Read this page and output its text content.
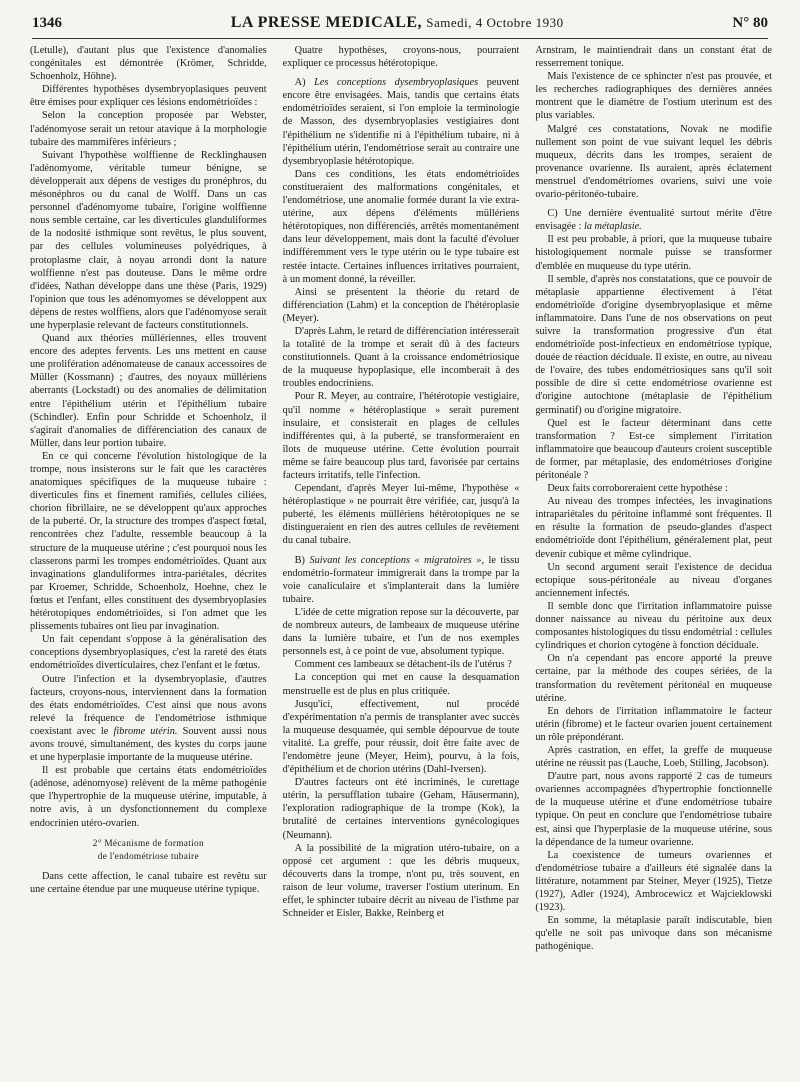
1346	LA PRESSE MEDICALE, Samedi, 4 Octobre 1930	N° 80

(Letulle), d'autant plus que l'existence d'anomalies congénitales est démontrée (Krömer, Schridde, Schoenholz, Höhne).

Différentes hypothèses dysembryoplasiques peuvent être émises pour expliquer ces lésions endométrioïdes :

Selon la conception proposée par Webster, l'adénomyose serait un retour atavique à la morphologie tubaire des mammifères inférieurs ;

Suivant l'hypothèse wolffienne de Recklinghausen l'adénomyome, véritable tumeur bénigne, se développerait aux dépens de vestiges du pronéphros, du mésonéphros ou du canal de Wolff. Dans un cas personnel d'adénomyome tubaire, l'origine wolffienne nous semble certaine, car les diverticules glanduliformes de la nodosité isthmique sont revêtus, le plus souvent, par des cellules volumineuses polyédriques, à protoplasme clair, à noyau arrondi dont la nature wolffienne n'est pas douteuse. Dans le même ordre d'idées, Nathan développe dans une thèse (Paris, 1929) l'opinion que tous les adénomyomes se développent aux dépens de restes wolffiens, alors que l'adénomyose serait une hyperplasie relevant de facteurs constitutionnels.

Quand aux théories müllériennes, elles trouvent encore des adeptes fervents. Les uns mettent en cause une prolifération adénomateuse de canaux accessoires de Müller (Kossmann) ; d'autres, des noyaux müllériens aberrants (Lockstadt) ou des anomalies de délimitation entre l'épithélium utérin et l'épithélium tubaire (Schindler). Enfin pour Schridde et Schoenholz, il s'agirait d'anomalies de différenciation des canaux de Müller, dans leur portion tubaire.

En ce qui concerne l'évolution histologique de la trompe, nous insisterons sur le fait que les caractères anatomiques spécifiques de la muqueuse tubaire : diverticules fins et finement ramifiés, cellules ciliées, chorion fibrillaire, ne se développent qu'aux approches de la puberté. Or, la structure des trompes d'aspect fœtal, rencontrées chez l'adulte, ressemble beaucoup à la structure de la muqueuse utérine ; c'est pourquoi nous les classerons parmi les trompes endométrioïdes. Quant aux invaginations glanduliformes intra-pariétales, décrites par Kroemer, Schridde, Schoenholz, Hoehne, chez le fœtus et l'enfant, elles constituent des dysembryoplasies hétérotopiques endométrioïdes, si l'on admet que les plissements tubaires ont lieu par invagination.

Un fait cependant s'oppose à la généralisation des conceptions dysembryoplasiques, c'est la rareté des états endométrioïdes diverticulaires, chez l'enfant et le fœtus.

Outre l'infection et la dysembryoplasie, d'autres facteurs, croyons-nous, interviennent dans la formation des états endométrioïdes. C'est ainsi que nous avons relevé la fréquence de l'endométriose isthmique coexistant avec le fibrome utérin. Souvent aussi nous avons trouvé, simultanément, des kystes du corps jaune et une hyperplasie importante de la muqueuse utérine.

Il est probable que certains états endométrioïdes (adénose, adénomyose) relèvent de la même pathogénie que l'hypertrophie de la muqueuse utérine, imputable, à notre avis, à un dysfonctionnement du complexe endocrinien utéro-ovarien.

2° Mécanisme de formation
de l'endométriose tubaire

Dans cette affection, le canal tubaire est revêtu sur une certaine étendue par une muqueuse utérine typique.

Quatre hypothèses, croyons-nous, pourraient expliquer ce processus hétérotopique.

A) Les conceptions dysembryoplasiques peuvent encore être envisagées. Mais, tandis que certains états endométrioïdes seraient, si l'on emploie la terminologie de Masson, des dysembryoplasies vestigiaires dont l'épithélium ne s'identifie ni à l'épithélium tubaire, ni à l'épithélium utérin, l'endométriose serait au contraire une dysembryoplasie hétérotopique.

Dans ces conditions, les états endométrioïdes constitueraient des malformations congénitales, et l'endométriose, une anomalie formée durant la vie extra-utérine, aux dépens d'éléments müllériens hétérotopiques, non différenciés, arrêtés momentanément dans leur développement, mais dont la faculté d'évoluer indifféremment vers le type utérin ou le type tubaire est restée intacte. Certaines influences irritatives pourraient, à un moment donné, la réveiller.

Ainsi se présentent la théorie du retard de différenciation (Lahm) et la conception de l'hétéroplasie (Meyer).

D'après Lahm, le retard de différenciation intéresserait la totalité de la trompe et serait dû à des facteurs constitutionnels. Quant à la croissance endométriosique de la muqueuse hypoplasique, elle incomberait à des troubles endocriniens.

Pour R. Meyer, au contraire, l'hétérotopie vestigiaire, qu'il nomme « hétéroplastique » serait purement insulaire, et consisterait en plages de cellules indifférentes qui, à la puberté, se transformeraient en îlots de muqueuse utérine. Cette évolution pourrait même se faire beaucoup plus tard, favorisée par certains facteurs irritatifs, telle l'infection.

Cependant, d'après Meyer lui-même, l'hypothèse « hétéroplastique » ne pourrait être vérifiée, car, jusqu'à la puberté, les éléments müllériens hétérotopiques ne se distingueraient en rien des autres cellules de revêtement du canal tubaire.

B) Suivant les conceptions « migratoires », le tissu endométrio-formateur immigrerait dans la trompe par la voie canaliculaire et s'implanterait dans la lumière tubaire.

L'idée de cette migration repose sur la découverte, par de nombreux auteurs, de lambeaux de muqueuse utérine dans la lumière tubaire, et l'un de nos exemples personnels est, à ce point de vue, absolument typique.

Comment ces lambeaux se détachent-ils de l'utérus ?

La conception qui met en cause la desquamation menstruelle est de plus en plus critiquée.

Jusqu'ici, effectivement, nul procédé d'expérimentation n'a permis de transplanter avec succès la muqueuse desquamée, qui semble dépourvue de toute vitalité. La greffe, pour réussir, doit être faite avec de l'endomètre jeune (Meyer, Heim), pourvu, à la fois, d'épithélium et de chorion utérins (Dahl-Iversen).

D'autres facteurs ont été incriminés, le curettage utérin, la persufflation tubaire (Geham, Häusermann), l'exploration radiographique de la trompe (Kok), la brutalité de certaines interventions gynécologiques (Neumann).

A la possibilité de la migration utéro-tubaire, on a opposé cet argument : que les débris muqueux, découverts dans la trompe, n'ont pu, très souvent, en raison de leur volume, traverser l'ostium uterinum. En effet, le sphincter tubaire décrit au niveau de l'isthme par Schneider et Eisler, Bakke, Reinberg et

Arnstram, le maintiendrait dans un constant état de resserrement tonique.

Mais l'existence de ce sphincter n'est pas prouvée, et les recherches radiographiques des dernières années montrent que le diamètre de l'ostium uterinum est des plus variables.

Malgré ces constatations, Novak ne modifie nullement son point de vue suivant lequel les débris muqueux, décrits dans les trompes, seraient de provenance ovarienne. Ils auraient, après éclatement menstruel d'endométriomes ovariens, suivi une voie ovario-péritonéo-tubaire.

C) Une dernière éventualité surtout mérite d'être envisagée : la métaplasie.

Il est peu probable, à priori, que la muqueuse tubaire histologiquement normale puisse se transformer d'emblée en muqueuse du type utérin.

Il semble, d'après nos constatations, que ce pouvoir de métaplasie appartienne électivement à l'état endométrioïde d'origine dysembryoplasique et même inflammatoire. Dans l'une de nos observations on peut suivre la transformation progressive d'un état endométrioïde post-infectieux en endométriose typique, douée de réaction déciduale. Il existe, en outre, au niveau de l'ovaire, des tubes endométriosiques sans qu'il soit possible de dire si cette endométriose ovarienne est d'origine autochtone (métaplasie de l'épithélium germinatif) ou d'origine migratoire.

Quel est le facteur déterminant dans cette transformation ? Est-ce simplement l'irritation inflammatoire que beaucoup d'auteurs croient susceptible de former, par métaplasie, des endométrioses d'origine péritonéale ?

Deux faits corroboreraient cette hypothèse :

Au niveau des trompes infectées, les invaginations intrapariétales du péritoine inflammé sont fréquentes. Il en résulte la formation de pseudo-glandes d'aspect endométrioïde dont l'épithélium, généralement plat, peut devenir cubique et même cylindrique.

Un second argument serait l'existence de decidua ectopique sous-péritonéale au niveau d'organes anciennement infectés.

Il semble donc que l'irritation inflammatoire puisse donner naissance au niveau du péritoine aux deux composantes histologiques du tissu endométrial : cellules cylindriques et chorion cytogène à fonction déciduale.

On n'a cependant pas encore apporté la preuve certaine, par la méthode des coupes sériées, de la transformation du revêtement péritonéal en muqueuse utérine.

En dehors de l'irritation inflammatoire le facteur utérin (fibrome) et le facteur ovarien jouent certainement un rôle prépondérant.

Après castration, en effet, la greffe de muqueuse utérine ne réussit pas (Lauche, Loeb, Stilling, Jacobson).

D'autre part, nous avons rapporté 2 cas de tumeurs ovariennes accompagnées d'hypertrophie fonctionnelle de la muqueuse utérine et d'une endométriose tubaire typique. On peut en conclure que l'endométriose tubaire est, ainsi que l'hyperplasie de la muqueuse utérine, sous la dépendance de la tumeur ovarienne.

La coexistence de tumeurs ovariennes et d'endométriose tubaire a d'ailleurs été signalée dans la littérature, notamment par Steiner, Meyer (1925), Tietze (1927), Adler (1924), Ambrocewicz et Wajcieklowski (1923).

En somme, la métaplasie paraît indiscutable, bien qu'elle ne soit pas univoque dans son mécanisme pathogénique.
